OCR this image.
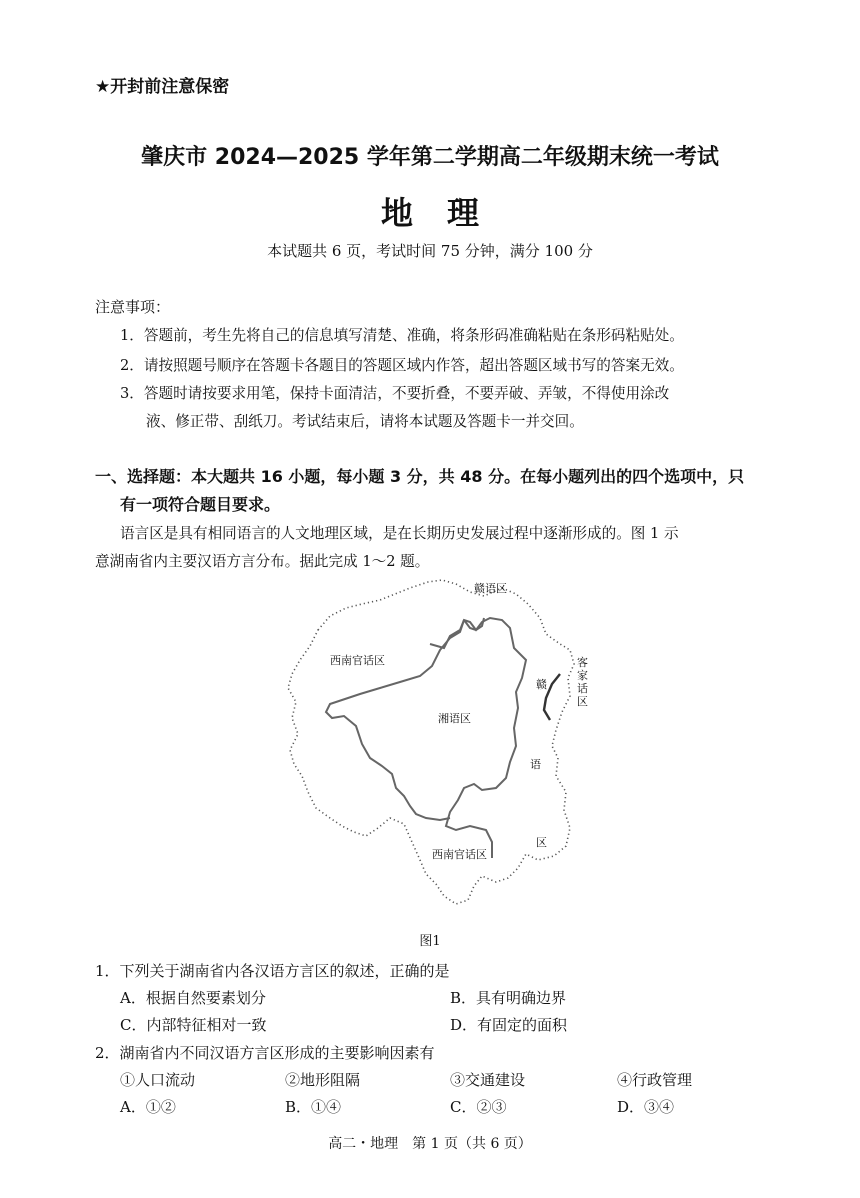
★开封前注意保密
肇庆市 2024—2025 学年第二学期高二年级期末统一考试
地理
本试题共 6 页，考试时间 75 分钟，满分 100 分
注意事项：
1．答题前，考生先将自己的信息填写清楚、准确，将条形码准确粘贴在条形码粘贴处。
2．请按照题号顺序在答题卡各题目的答题区域内作答，超出答题区域书写的答案无效。
3．答题时请按要求用笔，保持卡面清洁，不要折叠，不要弄破、弄皱，不得使用涂改
液、修正带、刮纸刀。考试结束后，请将本试题及答题卡一并交回。
一、选择题：本大题共 16 小题，每小题 3 分，共 48 分。在每小题列出的四个选项中，只
有一项符合题目要求。
语言区是具有相同语言的人文地理区域，是在长期历史发展过程中逐渐形成的。图 1 示
意湖南省内主要汉语方言分布。据此完成 1～2 题。
赣语区
西南官话区
湘语区
西南官话区
客
家
话
区
赣
语
区
图1
1．下列关于湖南省内各汉语方言区的叙述，正确的是
A．根据自然要素划分	B．具有明确边界
C．内部特征相对一致	D．有固定的面积
2．湖南省内不同汉语方言区形成的主要影响因素有
①人口流动	②地形阻隔	③交通建设	④行政管理
A．①②	B．①④	C．②③	D．③④
高二・地理　第 1 页（共 6 页）
